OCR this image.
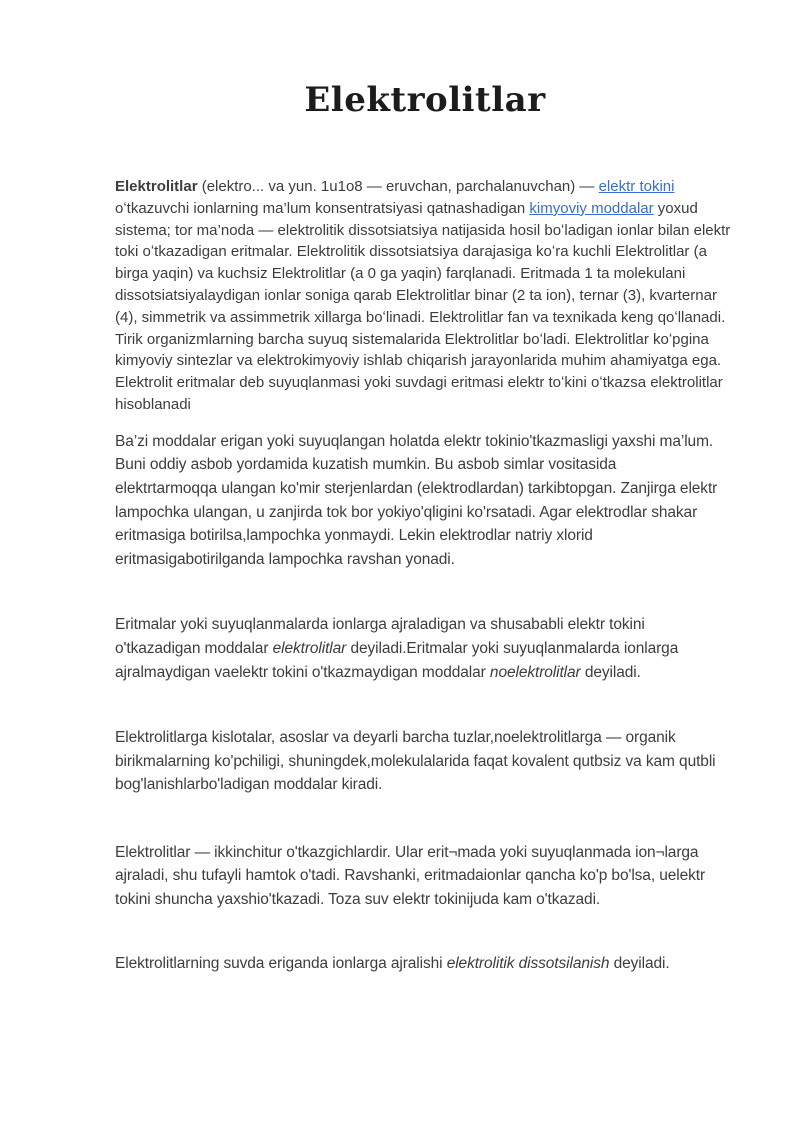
Elektrolitlar

Elektrolitlar (elektro... va yun. 1u1o8 — eruvchan, parchalanuvchan) — elektr tokini oʻtkazuvchi ionlarning ma’lum konsentratsiyasi qatnashadigan kimyoviy moddalar yoxud sistema; tor ma’noda — elektrolitik dissotsiatsiya natijasida hosil boʻladigan ionlar bilan elektr toki oʻtkazadigan eritmalar. Elektrolitik dissotsiatsiya darajasiga koʻra kuchli Elektrolitlar (a birga yaqin) va kuchsiz Elektrolitlar (a 0 ga yaqin) farqlanadi. Eritmada 1 ta molekulani dissotsiatsiyalaydigan ionlar soniga qarab Elektrolitlar binar (2 ta ion), ternar (3), kvarternar (4), simmetrik va assimmetrik xillarga boʻlinadi. Elektrolitlar fan va texnikada keng qoʻllanadi. Tirik organizmlarning barcha suyuq sistemalarida Elektrolitlar boʻladi. Elektrolitlar koʻpgina kimyoviy sintezlar va elektrokimyoviy ishlab chiqarish jarayonlarida muhim ahamiyatga ega. Elektrolit eritmalar deb suyuqlanmasi yoki suvdagi eritmasi elektr toʻkini oʻtkazsa elektrolitlar hisoblanadi

Ba’zi moddalar erigan yoki suyuqlangan holatda elektr tokinio'tkazmasligi yaxshi ma’lum. Buni oddiy asbob yordamida kuzatish mumkin. Bu asbob simlar vositasida elektrtarmoqqa ulangan ko'mir sterjenlardan (elektrodlardan) tarkibtopgan. Zanjirga elektr lampochka ulangan, u zanjirda tok bor yokiyo'qligini ko'rsatadi. Agar elektrodlar shakar eritmasiga botirilsa,lampochka yonmaydi. Lekin elektrodlar natriy xlorid eritmasigabotirilganda lampochka ravshan yonadi.

Eritmalar yoki suyuqlanmalarda ionlarga ajraladigan va shusababli elektr tokini o'tkazadigan moddalar elektrolitlar deyiladi.Eritmalar yoki suyuqlanmalarda ionlarga ajralmaydigan vaelektr tokini o'tkazmaydigan moddalar noelektrolitlar deyiladi.

Elektrolitlarga kislotalar, asoslar va deyarli barcha tuzlar,noelektrolitlarga — organik birikmalarning ko'pchiligi, shuningdek,molekulalarida faqat kovalent qutbsiz va kam qutbli bog'lanishlarbo'ladigan moddalar kiradi.

Elektrolitlar — ikkinchitur o'tkazgichlardir. Ular erit¬mada yoki suyuqlanmada ion¬larga ajraladi, shu tufayli hamtok o'tadi. Ravshanki, eritmadaionlar qancha ko'p bo'lsa, uelektr tokini shuncha yaxshio'tkazadi. Toza suv elektr tokinijuda kam o'tkazadi.

Elektrolitlarning suvda eriganda ionlarga ajralishi elektrolitik dissotsilanish deyiladi.
